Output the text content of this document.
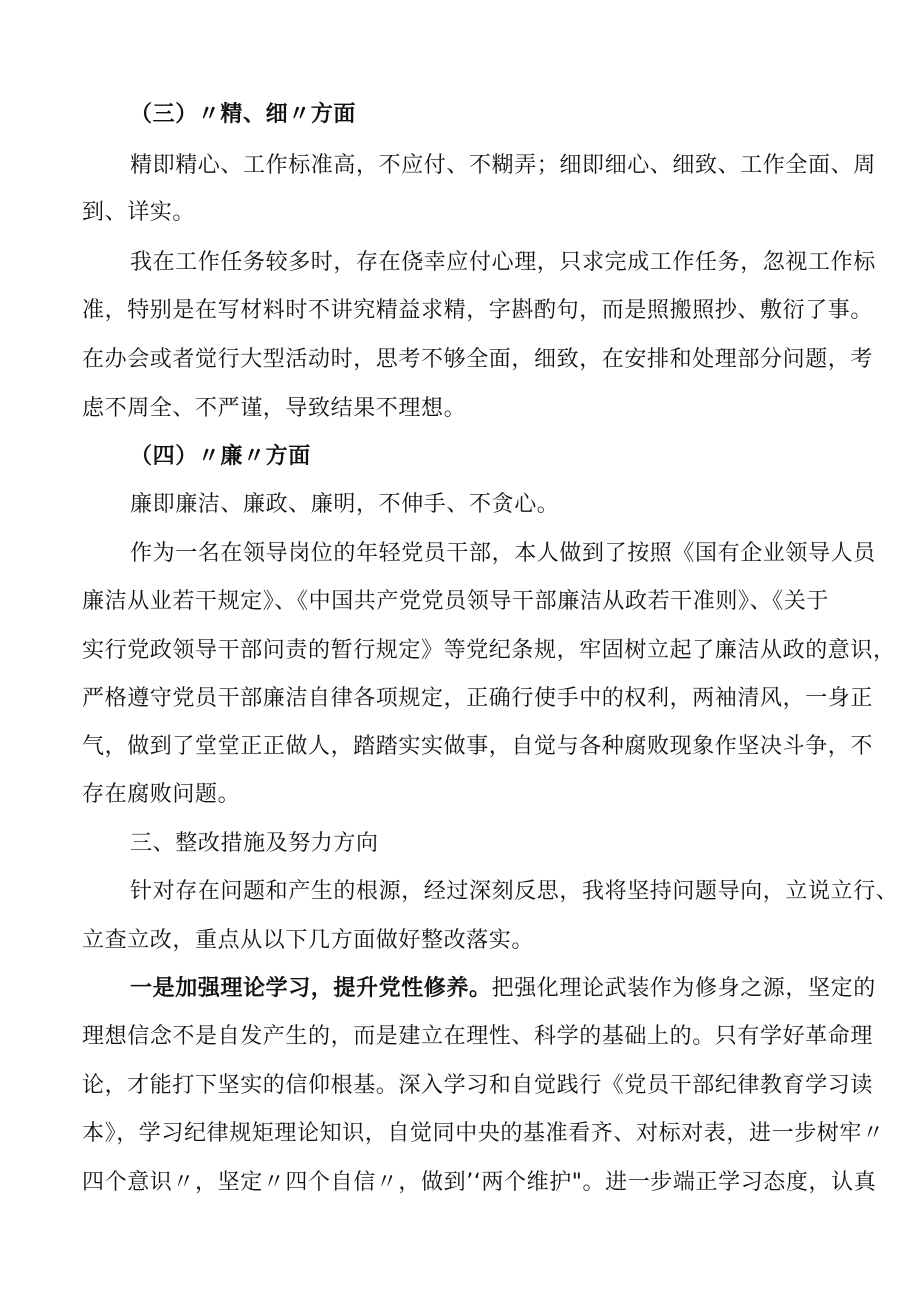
（三）〃精、细〃方面
精即精心、工作标准高，不应付、不糊弄；细即细心、细致、工作全面、周
到、详实。
我在工作任务较多时，存在侥幸应付心理，只求完成工作任务，忽视工作标
准，特别是在写材料时不讲究精益求精，字斟酌句，而是照搬照抄、敷衍了事。
在办会或者觉行大型活动时，思考不够全面，细致，在安排和处理部分问题，考
虑不周全、不严谨，导致结果不理想。
（四）〃廉〃方面
廉即廉洁、廉政、廉明，不伸手、不贪心。
作为一名在领导岗位的年轻党员干部，本人做到了按照《国有企业领导人员
廉洁从业若干规定》、《中国共产党党员领导干部廉洁从政若干准则》、《关于
实行党政领导干部问责的暂行规定》等党纪条规，牢固树立起了廉洁从政的意识，
严格遵守党员干部廉洁自律各项规定，正确行使手中的权利，两袖清风，一身正
气，做到了堂堂正正做人，踏踏实实做事，自觉与各种腐败现象作坚决斗争，不
存在腐败问题。
三、整改措施及努力方向
针对存在问题和产生的根源，经过深刻反思，我将坚持问题导向，立说立行、
立查立改，重点从以下几方面做好整改落实。
一是加强理论学习，提升党性修养。把强化理论武装作为修身之源，坚定的
理想信念不是自发产生的，而是建立在理性、科学的基础上的。只有学好革命理
论，才能打下坚实的信仰根基。深入学习和自觉践行《党员干部纪律教育学习读
本》，学习纪律规矩理论知识，自觉同中央的基准看齐、对标对表，进一步树牢〃
四个意识〃，坚定〃四个自信〃，做到’‘两个维护"。进一步端正学习态度，认真
